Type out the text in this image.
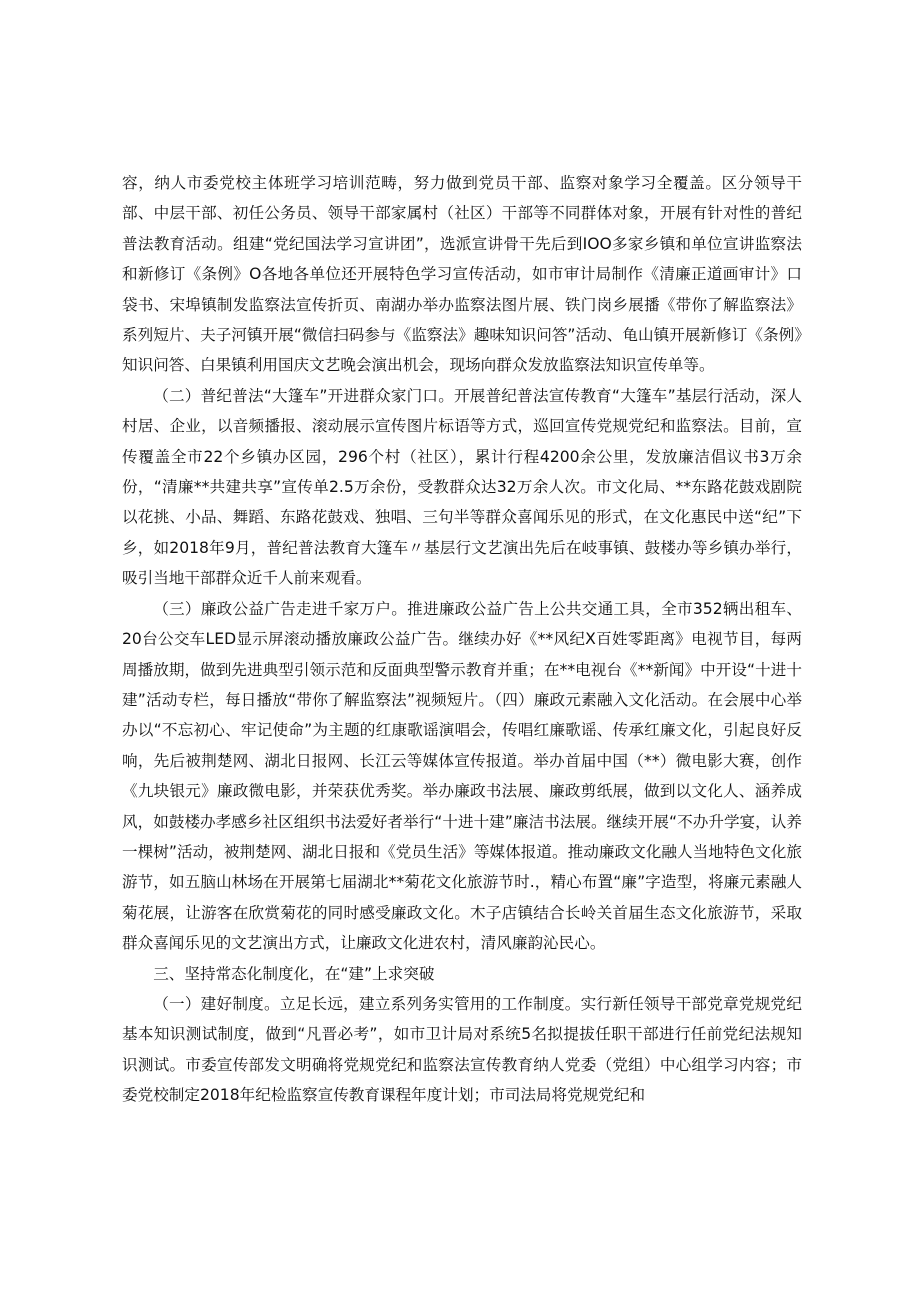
容，纳人市委党校主体班学习培训范畴，努力做到党员干部、监察对象学习全覆盖。区分领导干部、中层干部、初任公务员、领导干部家属村（社区）干部等不同群体对象，开展有针对性的普纪普法教育活动。组建“党纪国法学习宣讲团”，选派宣讲骨干先后到IOO多家乡镇和单位宣讲监察法和新修订《条例》O各地各单位还开展特色学习宣传活动，如市审计局制作《清廉正道画审计》口袋书、宋埠镇制发监察法宣传折页、南湖办举办监察法图片展、铁门岗乡展播《带你了解监察法》系列短片、夫子河镇开展“微信扫码参与《监察法》趣味知识问答”活动、龟山镇开展新修订《条例》知识问答、白果镇利用国庆文艺晚会演出机会，现场向群众发放监察法知识宣传单等。

（二）普纪普法“大篷车”开进群众家门口。开展普纪普法宣传教育“大篷车”基层行活动，深人村居、企业，以音频播报、滚动展示宣传图片标语等方式，巡回宣传党规党纪和监察法。目前，宣传覆盖全市22个乡镇办区园，296个村（社区），累计行程4200余公里，发放廉洁倡议书3万余份，“清廉**共建共享”宣传单2.5万余份，受教群众达32万余人次。市文化局、**东路花鼓戏剧院以花挑、小品、舞蹈、东路花鼓戏、独唱、三句半等群众喜闻乐见的形式，在文化惠民中送“纪”下乡，如2018年9月，普纪普法教育大篷车〃基层行文艺演出先后在岐事镇、鼓楼办等乡镇办举行，吸引当地干部群众近千人前来观看。

（三）廉政公益广告走进千家万户。推进廉政公益广告上公共交通工具，全市352辆出租车、20台公交车LED显示屏滚动播放廉政公益广告。继续办好《**风纪X百姓零距离》电视节目，每两周播放期，做到先进典型引领示范和反面典型警示教育并重；在**电视台《**新闻》中开设“十进十建”活动专栏，每日播放“带你了解监察法”视频短片。（四）廉政元素融入文化活动。在会展中心举办以“不忘初心、牢记使命”为主题的红康歌谣演唱会，传唱红廉歌谣、传承红廉文化，引起良好反响，先后被荆楚网、湖北日报网、长江云等媒体宣传报道。举办首届中国（**）微电影大赛，创作《九块银元》廉政微电影，并荣获优秀奖。举办廉政书法展、廉政剪纸展，做到以文化人、涵养成风，如鼓楼办孝感乡社区组织书法爱好者举行“十进十建”廉洁书法展。继续开展“不办升学宴，认养一棵树”活动，被荆楚网、湖北日报和《党员生活》等媒体报道。推动廉政文化融人当地特色文化旅游节，如五脑山林场在开展第七届湖北**菊花文化旅游节时.，精心布置“廉”字造型，将廉元素融人菊花展，让游客在欣赏菊花的同时感受廉政文化。木子店镇结合长岭关首届生态文化旅游节，采取群众喜闻乐见的文艺演出方式，让廉政文化进农村，清风廉韵沁民心。

三、坚持常态化制度化，在“建”上求突破

（一）建好制度。立足长远，建立系列务实管用的工作制度。实行新任领导干部党章党规党纪基本知识测试制度，做到“凡晋必考”，如市卫计局对系统5名拟提拔任职干部进行任前党纪法规知识测试。市委宣传部发文明确将党规党纪和监察法宣传教育纳人党委（党组）中心组学习内容；市委党校制定2018年纪检监察宣传教育课程年度计划；市司法局将党规党纪和
